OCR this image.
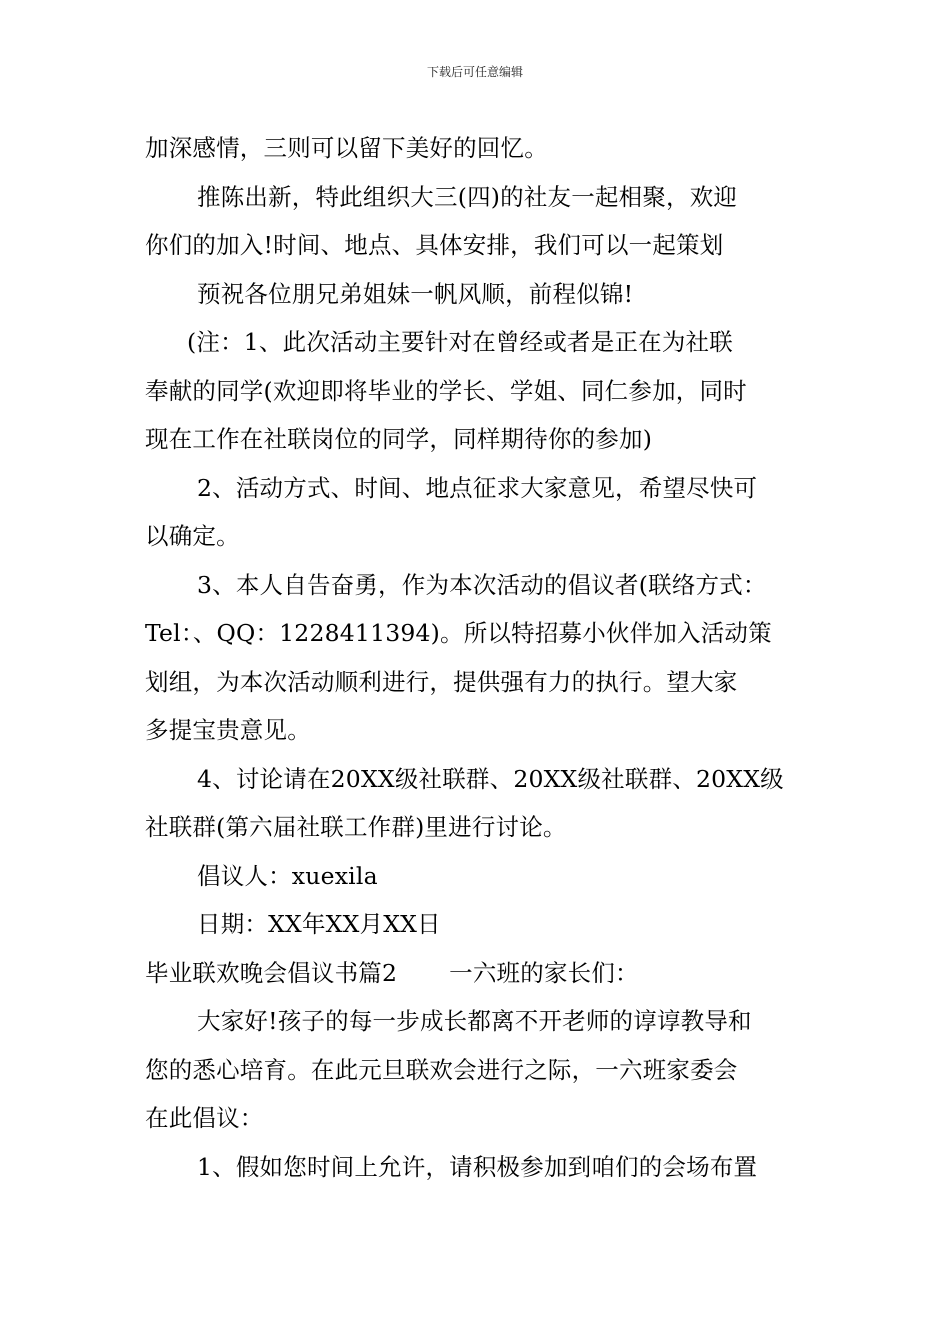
下载后可任意编辑
加深感情，三则可以留下美好的回忆。
推陈出新，特此组织大三(四)的社友一起相聚，欢迎
你们的加入!时间、地点、具体安排，我们可以一起策划
预祝各位朋兄弟姐妹一帆风顺，前程似锦!
(注：1、此次活动主要针对在曾经或者是正在为社联
奉献的同学(欢迎即将毕业的学长、学姐、同仁参加，同时
现在工作在社联岗位的同学，同样期待你的参加)
2、活动方式、时间、地点征求大家意见，希望尽快可
以确定。
3、本人自告奋勇，作为本次活动的倡议者(联络方式：
Tel：、QQ：1228411394)。所以特招募小伙伴加入活动策
划组，为本次活动顺利进行，提供强有力的执行。望大家
多提宝贵意见。
4、讨论请在20XX级社联群、20XX级社联群、20XX级
社联群(第六届社联工作群)里进行讨论。
倡议人：xuexila
日期：XX年XX月XX日
毕业联欢晚会倡议书篇2 一六班的家长们：
大家好!孩子的每一步成长都离不开老师的谆谆教导和
您的悉心培育。在此元旦联欢会进行之际，一六班家委会
在此倡议：
1、假如您时间上允许，请积极参加到咱们的会场布置
